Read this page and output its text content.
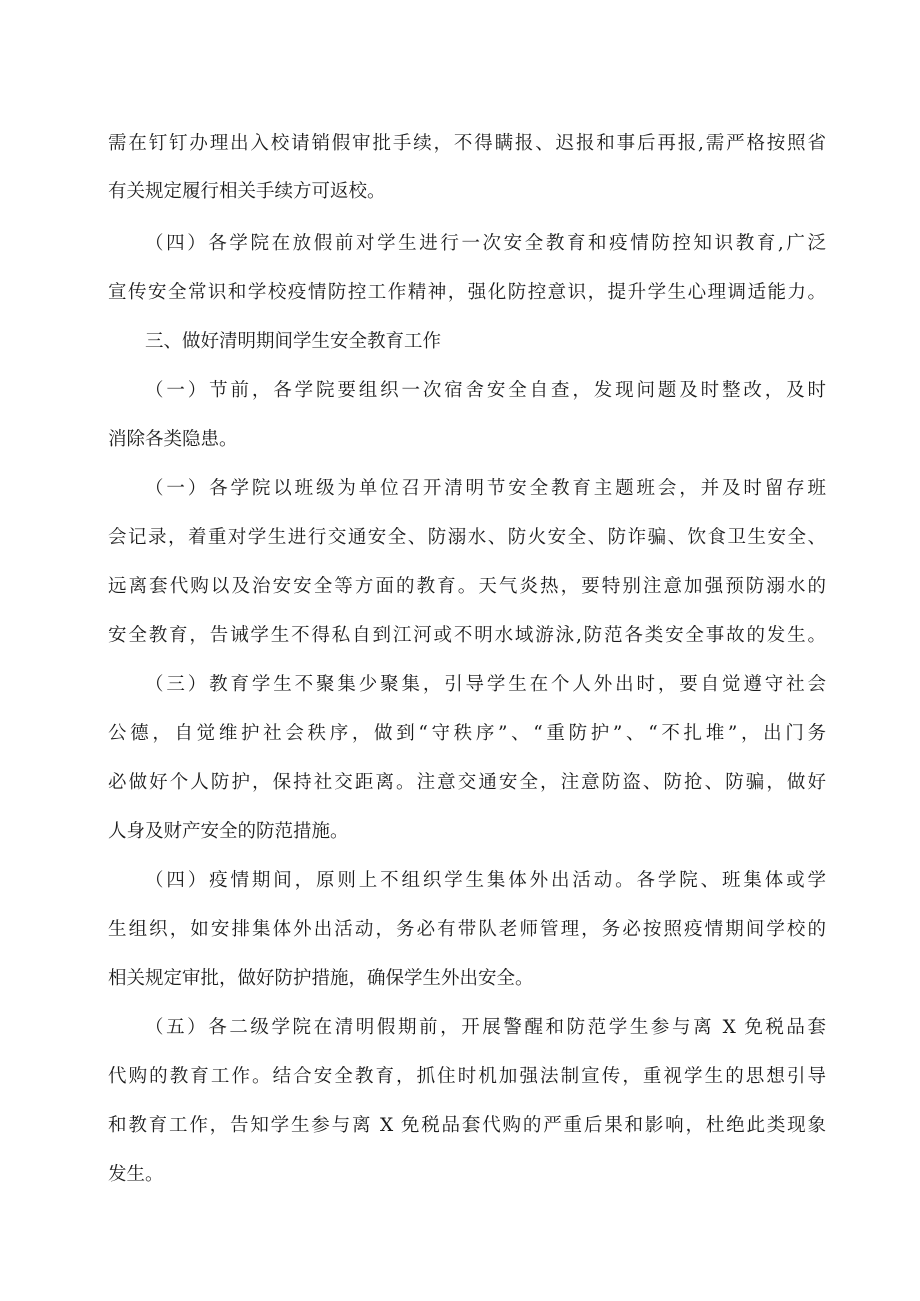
需在钉钉办理出入校请销假审批手续，不得瞒报、迟报和事后再报,需严格按照省

有关规定履行相关手续方可返校。

（四）各学院在放假前对学生进行一次安全教育和疫情防控知识教育,广泛

宣传安全常识和学校疫情防控工作精神，强化防控意识，提升学生心理调适能力。

三、做好清明期间学生安全教育工作

（一）节前，各学院要组织一次宿舍安全自查，发现问题及时整改，及时

消除各类隐患。

（一）各学院以班级为单位召开清明节安全教育主题班会，并及时留存班

会记录，着重对学生进行交通安全、防溺水、防火安全、防诈骗、饮食卫生安全、

远离套代购以及治安安全等方面的教育。天气炎热，要特别注意加强预防溺水的

安全教育，告诫学生不得私自到江河或不明水域游泳,防范各类安全事故的发生。

（三）教育学生不聚集少聚集，引导学生在个人外出时，要自觉遵守社会

公德，自觉维护社会秩序，做到“守秩序”、“重防护”、“不扎堆”，出门务

必做好个人防护，保持社交距离。注意交通安全，注意防盗、防抢、防骗，做好

人身及财产安全的防范措施。

（四）疫情期间，原则上不组织学生集体外出活动。各学院、班集体或学

生组织，如安排集体外出活动，务必有带队老师管理，务必按照疫情期间学校的

相关规定审批，做好防护措施，确保学生外出安全。

（五）各二级学院在清明假期前，开展警醒和防范学生参与离 X 免税品套

代购的教育工作。结合安全教育，抓住时机加强法制宣传，重视学生的思想引导

和教育工作，告知学生参与离 X 免税品套代购的严重后果和影响，杜绝此类现象

发生。
